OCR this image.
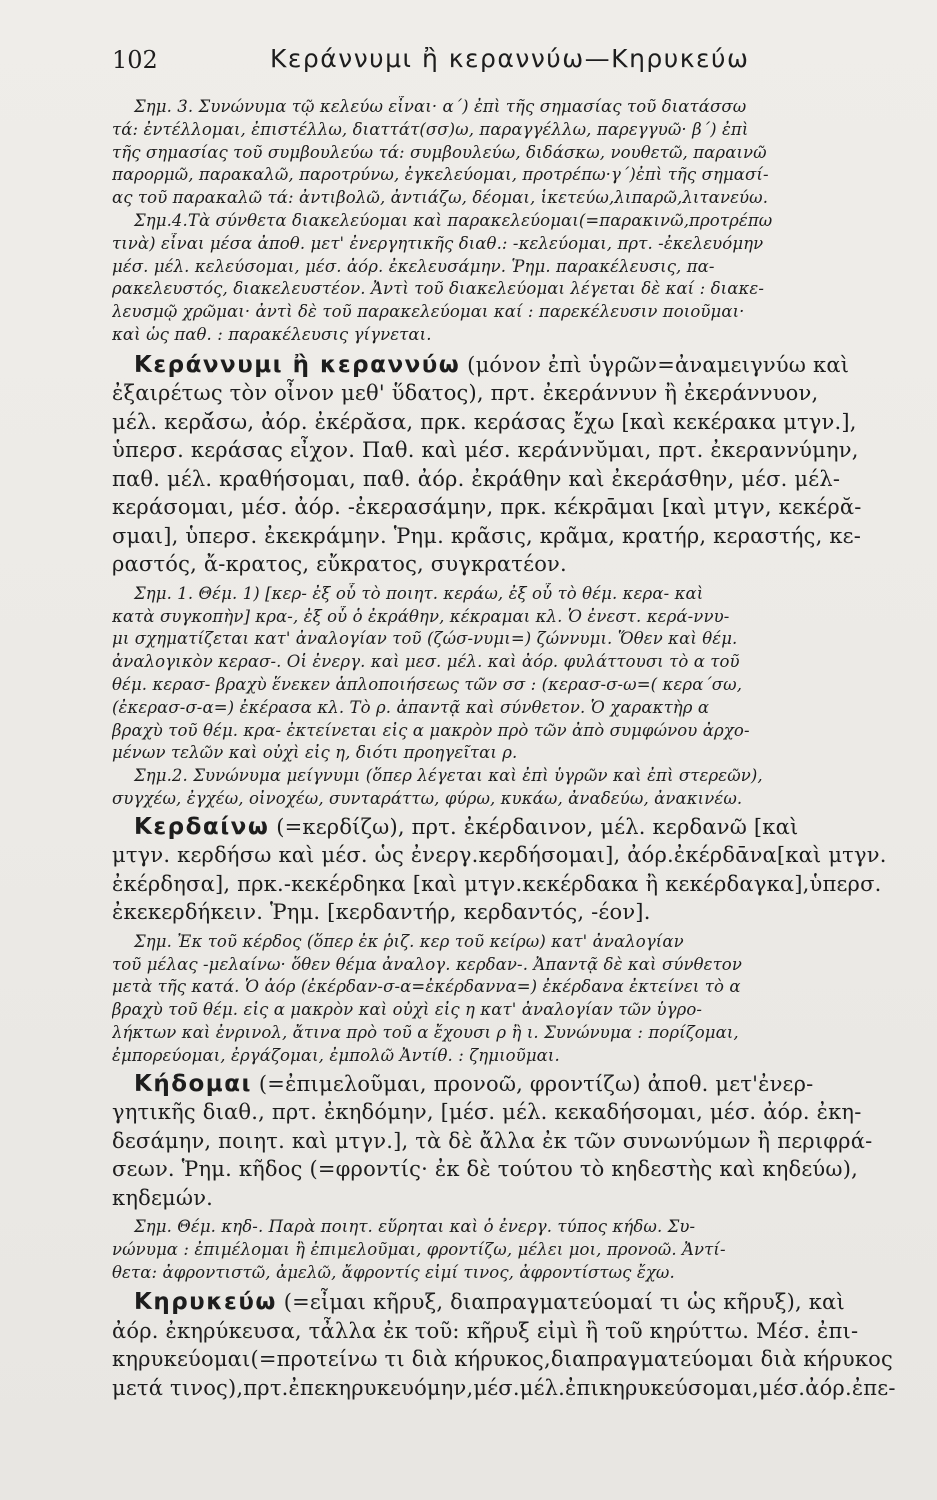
102	Κεράννυμι ἢ κεραννύω—Κηρυκεύω
Σημ. 3. Συνώνυμα τῷ κελεύω εἶναι· α΄) ἐπὶ τῆς σημασίας τοῦ διατάσσω
τά: ἐντέλλομαι, ἐπιστέλλω, διαττάτ(σσ)ω, παραγγέλλω, παρεγγυῶ· β΄) ἐπὶ
τῆς σημασίας τοῦ συμβουλεύω τά: συμβουλεύω, διδάσκω, νουθετῶ, παραινῶ
παρορμῶ, παρακαλῶ, παροτρύνω, ἐγκελεύομαι, προτρέπω·γ΄)ἐπὶ τῆς σημασί-
ας τοῦ παρακαλῶ τά: ἀντιβολῶ, ἀντιάζω, δέομαι, ἱκετεύω,λιπαρῶ,λιτανεύω.
Σημ.4.Τὰ σύνθετα διακελεύομαι καὶ παρακελεύομαι(=παρακινῶ,προτρέπω
τινὰ) εἶναι μέσα ἀποθ. μετ' ἐνεργητικῆς διαθ.: -κελεύομαι, πρτ. -ἐκελευόμην
μέσ. μέλ. κελεύσομαι, μέσ. ἀόρ. ἐκελευσάμην. Ῥημ. παρακέλευσις, πα-
ρακελευστός, διακελευστέον. Ἀντὶ τοῦ διακελεύομαι λέγεται δὲ καί : διακε-
λευσμῷ χρῶμαι· ἀντὶ δὲ τοῦ παρακελεύομαι καί : παρεκέλευσιν ποιοῦμαι·
καὶ ὡς παθ. : παρακέλευσις γίγνεται.
Κεράννυμι ἢ κεραννύω (μόνον ἐπὶ ὑγρῶν=ἀναμειγνύω καὶ
ἐξαιρέτως τὸν οἶνον μεθ' ὕδατος), πρτ. ἐκεράννυν ἢ ἐκεράννυον,
μέλ. κερᾰ́σω, ἀόρ. ἐκέρᾰσα, πρκ. κεράσας ἔχω [καὶ κεκέρακα μτγν.],
ὑπερσ. κεράσας εἶχον. Παθ. καὶ μέσ. κεράννῠμαι, πρτ. ἐκεραννύμην,
παθ. μέλ. κραθήσομαι, παθ. ἀόρ. ἐκράθην καὶ ἐκεράσθην, μέσ. μέλ-
κεράσομαι, μέσ. ἀόρ. -ἐκερασάμην, πρκ. κέκρᾱμαι [καὶ μτγν, κεκέρᾰ-
σμαι], ὑπερσ. ἐκεκράμην. Ῥημ. κρᾶσις, κρᾶμα, κρατήρ, κεραστής, κε-
ραστός, ἄ-κρατος, εὔκρατος, συγκρατέον.
Σημ. 1. Θέμ. 1) [κερ- ἐξ οὗ τὸ ποιητ. κεράω, ἐξ οὗ τὸ θέμ. κερα- καὶ
κατὰ συγκοπὴν] κρα-, ἐξ οὗ ὁ ἐκράθην, κέκραμαι κλ. Ὁ ἐνεστ. κερά-ννυ-
μι σχηματίζεται κατ' ἀναλογίαν τοῦ (ζώσ-νυμι=) ζώννυμι. Ὅθεν καὶ θέμ.
ἀναλογικὸν κερασ-. Οἱ ἐνεργ. καὶ μεσ. μέλ. καὶ ἀόρ. φυλάττουσι τὸ α τοῦ
θέμ. κερασ- βραχὺ ἕνεκεν ἁπλοποιήσεως τῶν σσ : (κερασ-σ-ω=( κερα΄σω,
(ἐκερασ-σ-α=) ἐκέρασα κλ. Τὸ ρ. ἀπαντᾷ καὶ σύνθετον. Ὁ χαρακτὴρ α
βραχὺ τοῦ θέμ. κρα- ἐκτείνεται εἰς α μακρὸν πρὸ τῶν ἀπὸ συμφώνου ἀρχο-
μένων τελῶν καὶ οὐχὶ εἰς η, διότι προηγεῖται ρ.
Σημ.2. Συνώνυμα μείγνυμι (ὅπερ λέγεται καὶ ἐπὶ ὑγρῶν καὶ ἐπὶ στερεῶν),
συγχέω, ἐγχέω, οἰνοχέω, συνταράττω, φύρω, κυκάω, ἀναδεύω, ἀνακινέω.
Κερδαίνω (=κερδίζω), πρτ. ἐκέρδαινον, μέλ. κερδανῶ [καὶ
μτγν. κερδήσω καὶ μέσ. ὡς ἐνεργ.κερδήσομαι], ἀόρ.ἐκέρδᾱνα[καὶ μτγν.
ἐκέρδησα], πρκ.-κεκέρδηκα [καὶ μτγν.κεκέρδακα ἢ κεκέρδαγκα],ὑπερσ.
ἐκεκερδήκειν. Ῥημ. [κερδαντήρ, κερδαντός, -έον].
Σημ. Ἐκ τοῦ κέρδος (ὅπερ ἐκ ῥιζ. κερ τοῦ κείρω) κατ' ἀναλογίαν
τοῦ μέλας -μελαίνω· ὅθεν θέμα ἀναλογ. κερδαν-. Ἀπαντᾷ δὲ καὶ σύνθετον
μετὰ τῆς κατά. Ὁ ἀόρ (ἐκέρδαν-σ-α=ἐκέρδαννα=) ἐκέρδανα ἐκτείνει τὸ α
βραχὺ τοῦ θέμ. εἰς α μακρὸν καὶ οὐχὶ εἰς η κατ' ἀναλογίαν τῶν ὑγρο-
λήκτων καὶ ἐνρινολ, ἄτινα πρὸ τοῦ α ἔχουσι ρ ἢ ι. Συνώνυμα : πορίζομαι,
ἐμπορεύομαι, ἐργάζομαι, ἐμπολῶ Ἀντίθ. : ζημιοῦμαι.
Κήδομαι (=ἐπιμελοῦμαι, προνοῶ, φροντίζω) ἀποθ. μετ'ἐνερ-
γητικῆς διαθ., πρτ. ἐκηδόμην, [μέσ. μέλ. κεκαδήσομαι, μέσ. ἀόρ. ἐκη-
δεσάμην, ποιητ. καὶ μτγν.], τὰ δὲ ἄλλα ἐκ τῶν συνωνύμων ἢ περιφρά-
σεων. Ῥημ. κῆδος (=φροντίς· ἐκ δὲ τούτου τὸ κηδεστὴς καὶ κηδεύω),
κηδεμών.
Σημ. Θέμ. κηδ-. Παρὰ ποιητ. εὕρηται καὶ ὁ ἐνεργ. τύπος κήδω. Συ-
νώνυμα : ἐπιμέλομαι ἢ ἐπιμελοῦμαι, φροντίζω, μέλει μοι, προνοῶ. Ἀντί-
θετα: ἀφροντιστῶ, ἀμελῶ, ἄφροντίς εἰμί τινος, ἀφροντίστως ἔχω.
Κηρυκεύω (=εἶμαι κῆρυξ, διαπραγματεύομαί τι ὡς κῆρυξ), καὶ
ἀόρ. ἐκηρύκευσα, τἆλλα ἐκ τοῦ: κῆρυξ εἰμὶ ἢ τοῦ κηρύττω. Μέσ. ἐπι-
κηρυκεύομαι(=προτείνω τι διὰ κήρυκος,διαπραγματεύομαι διὰ κήρυκος
μετά τινος),πρτ.ἐπεκηρυκευόμην,μέσ.μέλ.ἐπικηρυκεύσομαι,μέσ.ἀόρ.ἐπε-
